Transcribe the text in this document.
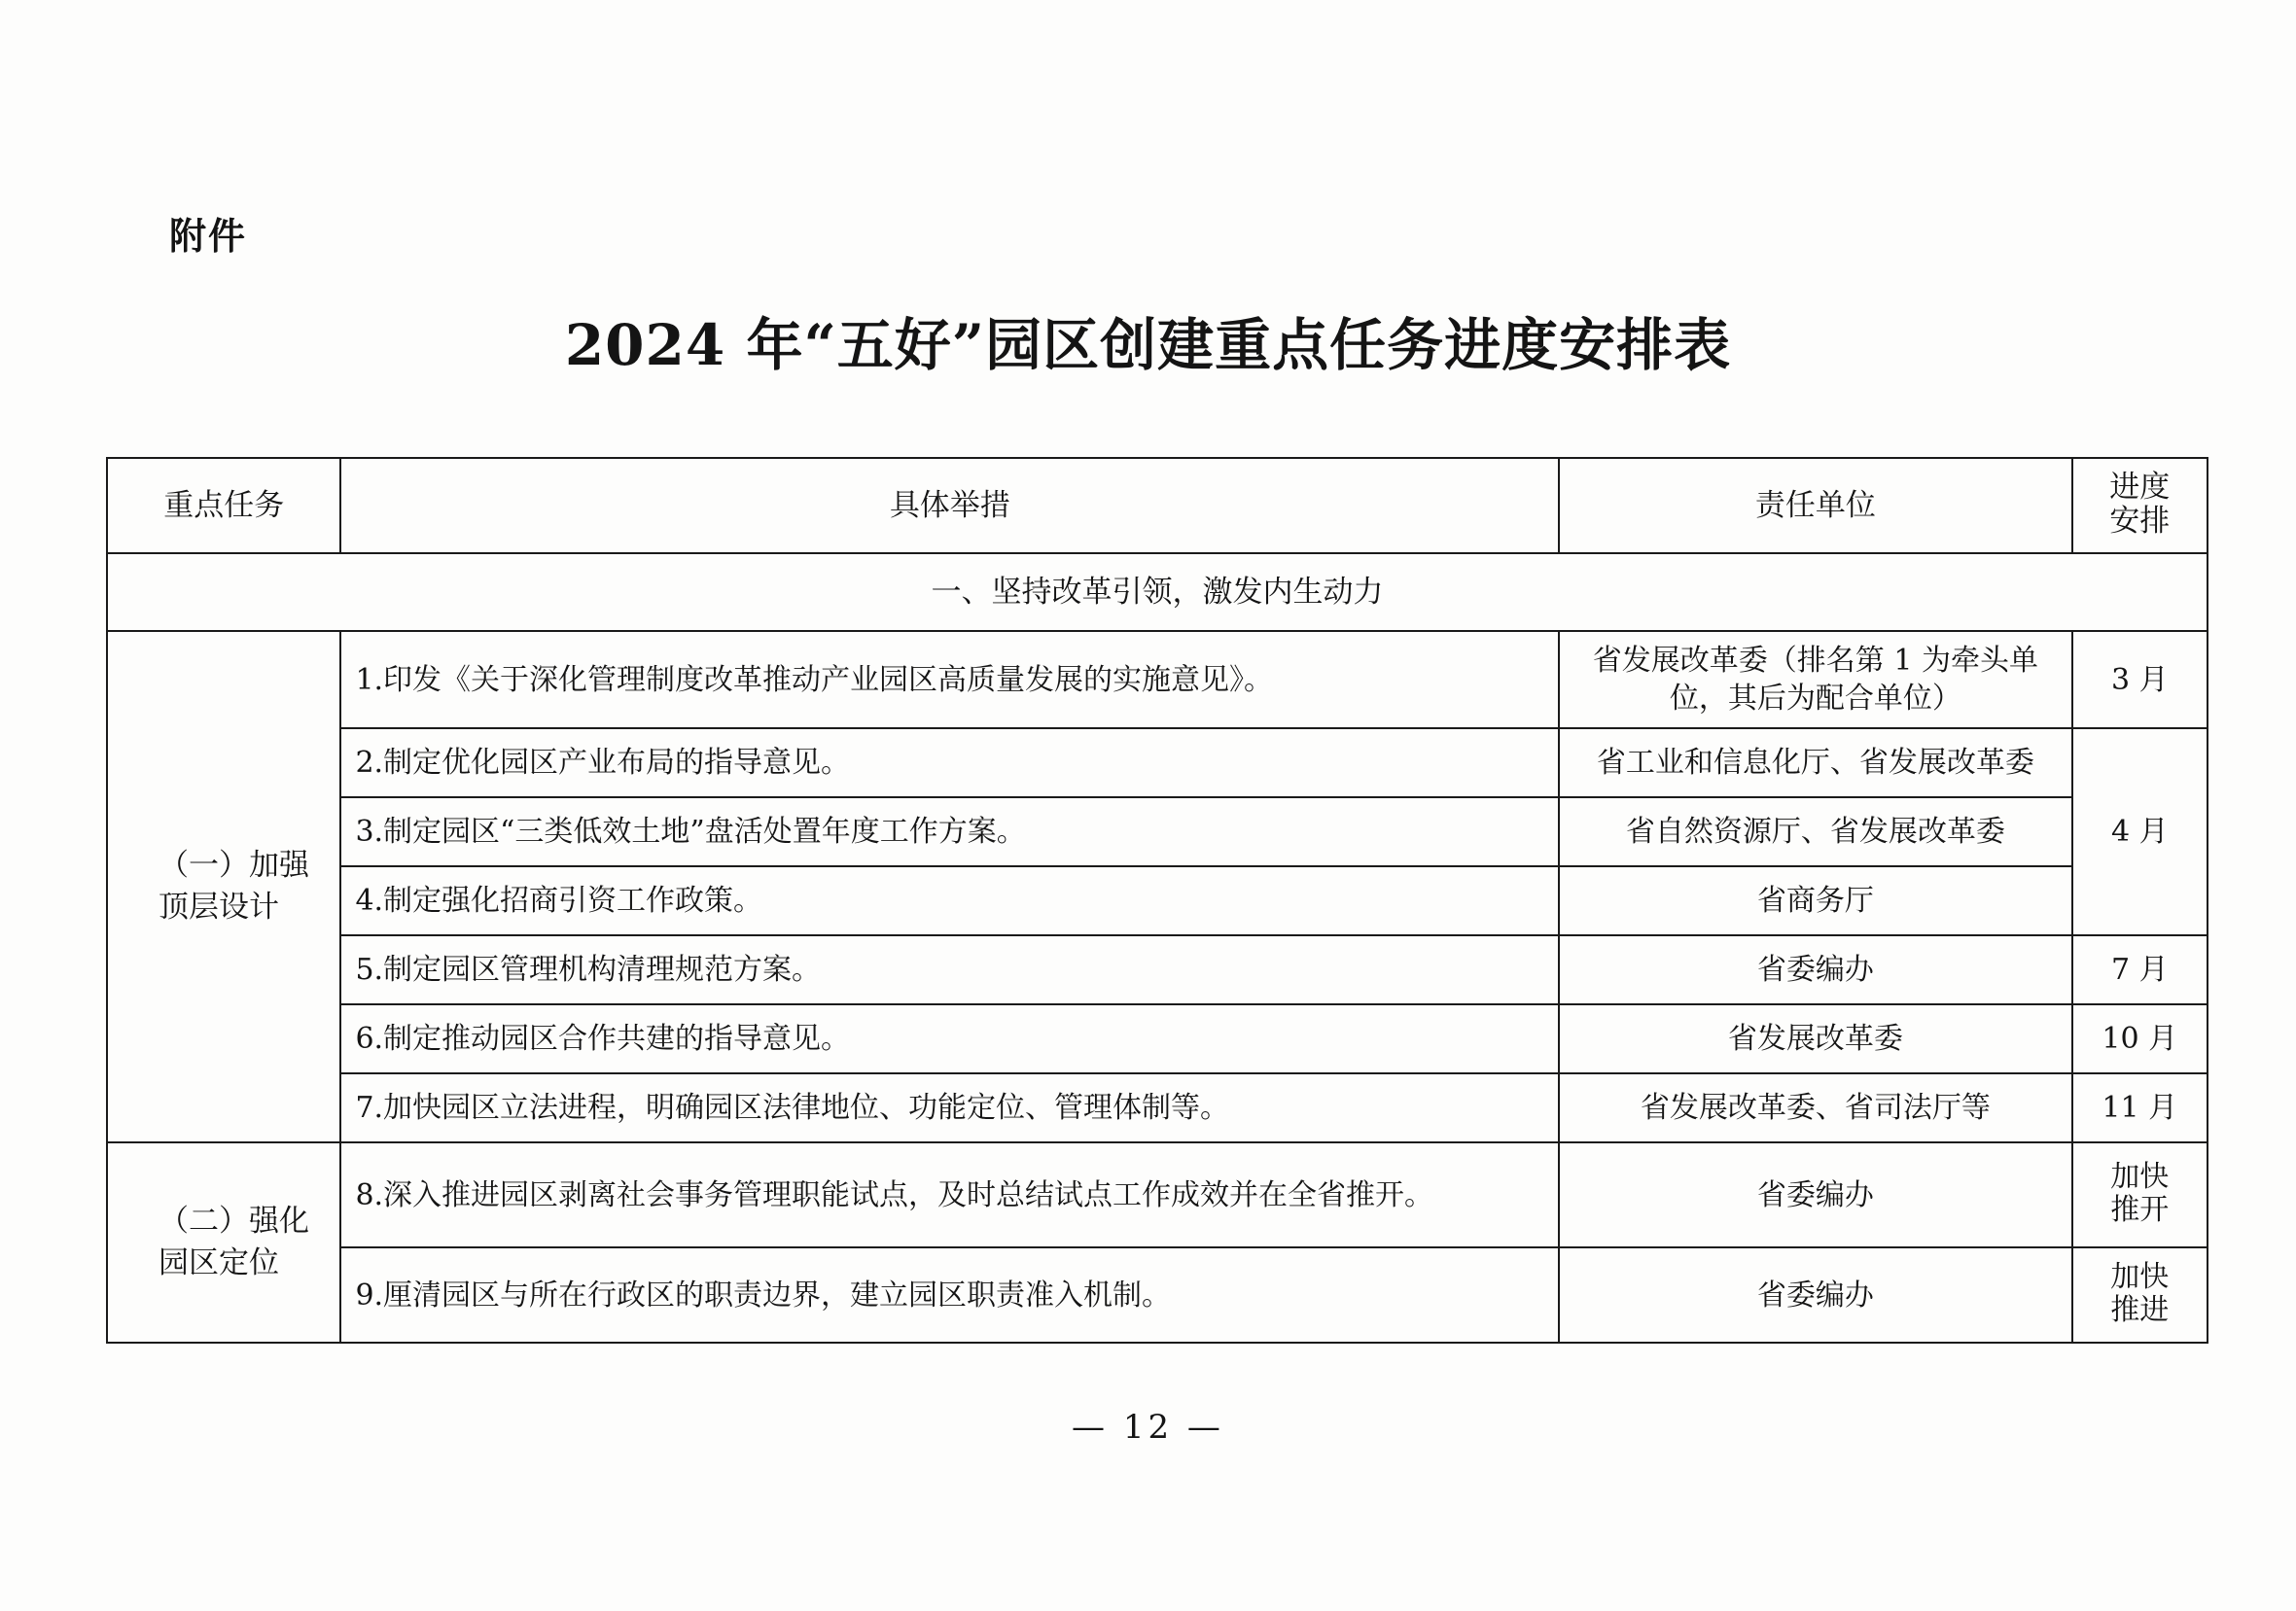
附件
2024 年“五好”园区创建重点任务进度安排表
重点任务	具体举措	责任单位	进度安排
一、坚持改革引领，激发内生动力			
（一）加强顶层设计	1.印发《关于深化管理制度改革推动产业园区高质量发展的实施意见》。	省发展改革委（排名第 1 为牵头单位，其后为配合单位）	3 月
	2.制定优化园区产业布局的指导意见。	省工业和信息化厅、省发展改革委	4 月
	3.制定园区“三类低效土地”盘活处置年度工作方案。	省自然资源厅、省发展改革委	
	4.制定强化招商引资工作政策。	省商务厅	
	5.制定园区管理机构清理规范方案。	省委编办	7 月
	6.制定推动园区合作共建的指导意见。	省发展改革委	10 月
	7.加快园区立法进程，明确园区法律地位、功能定位、管理体制等。	省发展改革委、省司法厅等	11 月
（二）强化园区定位	8.深入推进园区剥离社会事务管理职能试点，及时总结试点工作成效并在全省推开。	省委编办	加快推开
	9.厘清园区与所在行政区的职责边界，建立园区职责准入机制。	省委编办	加快推进
— 12 —
